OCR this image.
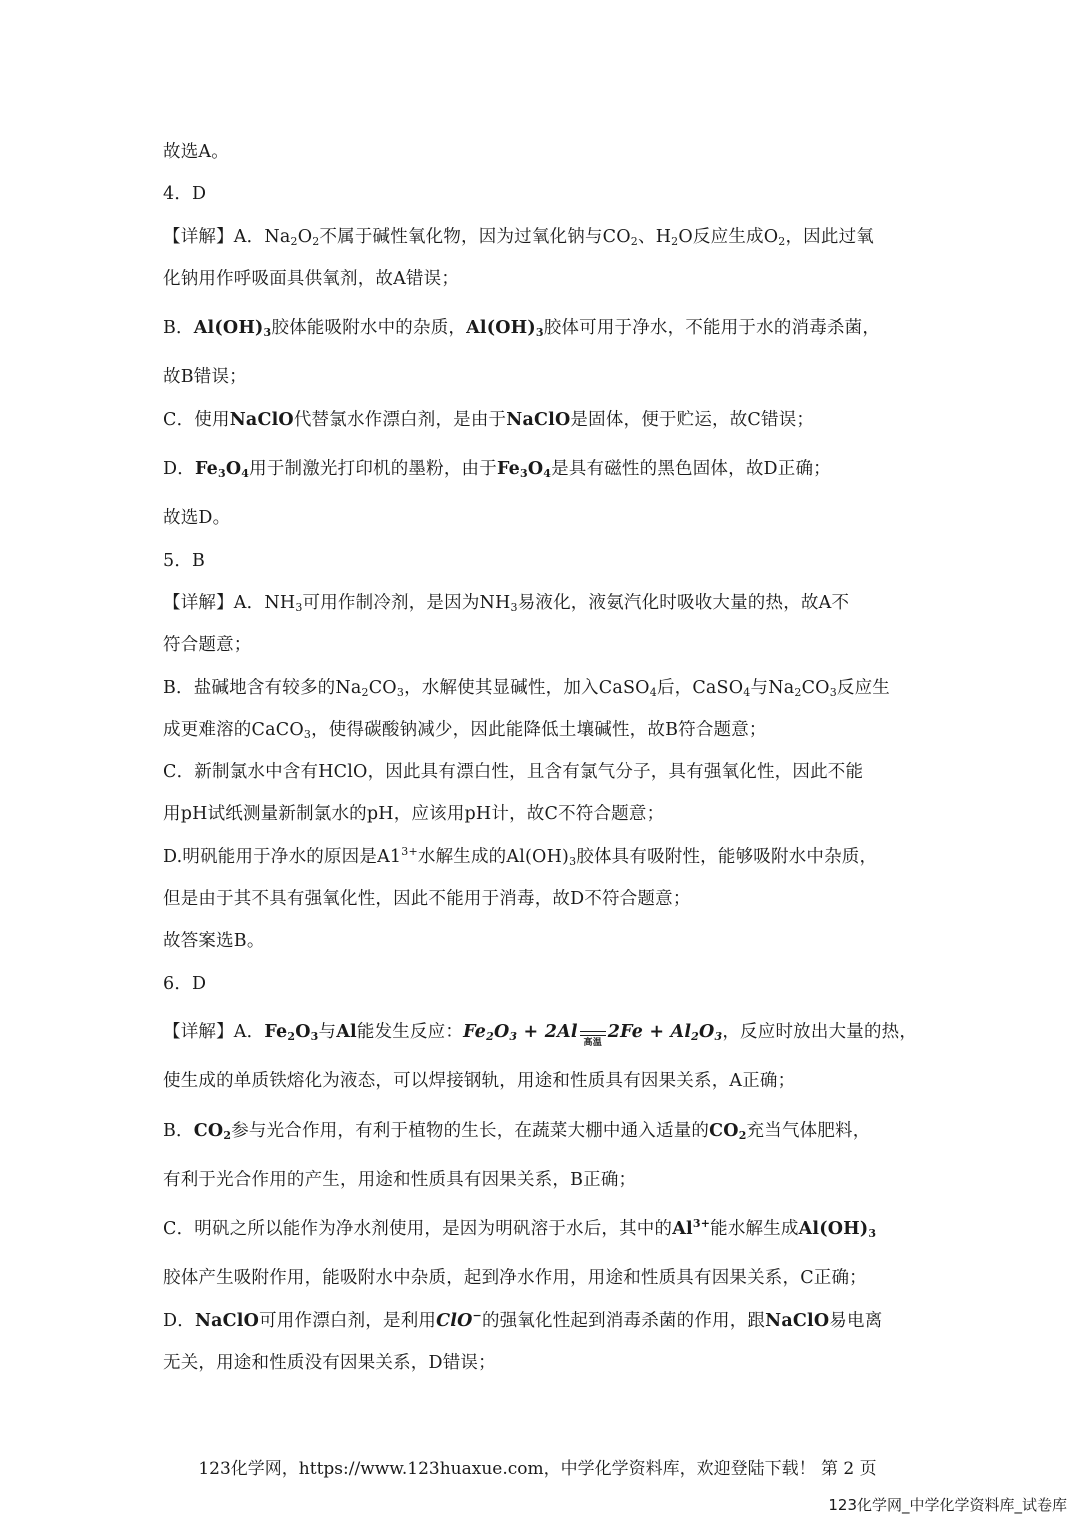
故选A。
4．D
【详解】A．$Na_2O_2$不属于碱性氧化物，因为过氧化钠与$CO_2$、$H_2O$反应生成$O_2$，因此过氧
化钠用作呼吸面具供氧剂，故A错误；
B．$Al(OH)_3$胶体能吸附水中的杂质，$Al(OH)_3$胶体可用于净水，不能用于水的消毒杀菌，
故B错误；
C．使用NaClO代替氯水作漂白剂，是由于NaClO是固体，便于贮运，故C错误；
D．$Fe_3O_4$用于制激光打印机的墨粉，由于$Fe_3O_4$是具有磁性的黑色固体，故D正确；
故选D。
5．B
【详解】A．$NH_3$可用作制冷剂，是因为$NH_3$易液化，液氨汽化时吸收大量的热，故A不
符合题意；
B．盐碱地含有较多的$Na_2CO_3$，水解使其显碱性，加入CaSO$_4$后，CaSO$_4$与$Na_2CO_3$反应生
成更难溶的CaCO$_3$，使得碳酸钠减少，因此能降低土壤碱性，故B符合题意；
C．新制氯水中含有HClO，因此具有漂白性，且含有氯气分子，具有强氧化性，因此不能
用pH试纸测量新制氯水的pH，应该用pH计，故C不符合题意；
D.明矾能用于净水的原因是$A1^{3+}$水解生成的$Al(OH)_3$胶体具有吸附性，能够吸附水中杂质，
但是由于其不具有强氧化性，因此不能用于消毒，故D不符合题意；
故答案选B。
6．D
【详解】A．$Fe_2O_3$与Al能发生反应：$Fe_2O_3 + 2Al$
高温
$2Fe + Al_2O_3$，反应时放出大量的热，
使生成的单质铁熔化为液态，可以焊接钢轨，用途和性质具有因果关系，A正确；
B．$CO_2$参与光合作用，有利于植物的生长，在蔬菜大棚中通入适量的$CO_2$充当气体肥料，
有利于光合作用的产生，用途和性质具有因果关系，B正确；
C．明矾之所以能作为净水剂使用，是因为明矾溶于水后，其中的$Al^{3+}$能水解生成$Al(OH)_3$
胶体产生吸附作用，能吸附水中杂质，起到净水作用，用途和性质具有因果关系，C正确；
D．NaClO可用作漂白剂，是利用ClO−的强氧化性起到消毒杀菌的作用，跟NaClO易电离
无关，用途和性质没有因果关系，D错误；
123化学网，https://www.123huaxue.com，中学化学资料库，欢迎登陆下载！ 第 2 页
123化学网_中学化学资料库_试卷库
